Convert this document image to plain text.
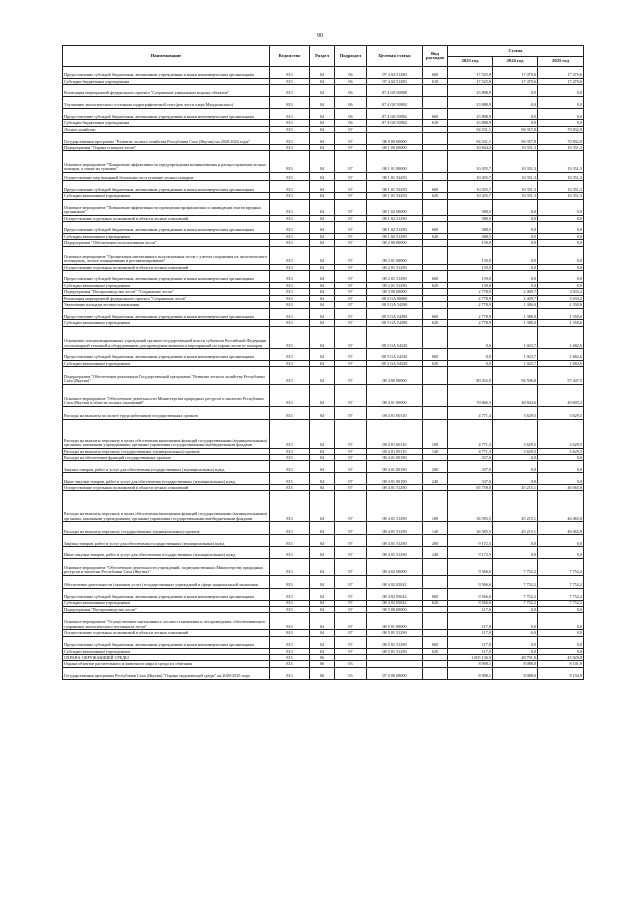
90
Наименование	Ведомство	Раздел	Подраздел	Целевая статья	Вид расходов	Сумма		
						2023 год	2024 год	2025 год
Предоставление субсидий бюджетным, автономным учреждениям и иным некоммерческим организациям	813	04	06	07 4 04 51280	600	17 525,8	17 479,6	17 479,6
Субсидии бюджетным учреждениям	813	04	06	07 4 04 51280	610	17 525,8	17 479,6	17 479,6
Реализация мероприятий федерального проекта "Сохранение уникальных водных объектов"	813	04	06	07 4 G8 00000		23 888,9	0,0	0,0
Улучшение экологического состояния гидрографической сети (рек части озера Мундоонского)	813	04	06	07 4 G8 50902		23 888,9	0,0	0,0
Предоставление субсидий бюджетным, автономным учреждениям и иным некоммерческим организациям	813	04	06	07 4 G8 50902	600	23 888,9	0,0	0,0
Субсидии бюджетным учреждениям	813	04	06	07 4 G8 50902	610	23 888,9	0,0	0,0
Лесное хозяйство	813	04	07			94 531,1	69 357,8	70 832,0
Государственная программа "Развитие лесного хозяйства Республики Саха (Якутия) на 2020-2024 годы"	813	04	07	08 0 00 00000		94 531,1	69 357,8	70 832,0
Подпрограмма "Охрана и защита лесов"	813	04	07	08 1 00 00000		10 844,2	10 351,3	10 351,3
Основное мероприятие "Повышение эффективности предупреждения возникновения и распространения лесных пожаров, а также их тушение"	813	04	07	08 1 01 00000		10 455,7	10 351,3	10 351,3
Осуществление мер пожарной безопасности и тушение лесных пожаров	813	04	07	08 1 01 53450		10 455,7	10 351,3	10 351,3
Предоставление субсидий бюджетным, автономным учреждениям и иным некоммерческим организациям	813	04	07	08 1 01 53450	600	10 455,7	10 351,3	10 351,3
Субсидии автономным учреждениям	813	04	07	08 1 01 53450	620	10 455,7	10 351,3	10 351,3
Основное мероприятие "Повышение эффективности проведения профилактики и ликвидации очагов вредных организмов"	813	04	07	08 1 02 00000		388,5	0,0	0,0
Осуществление отдельных полномочий в области лесных отношений	813	04	07	08 1 02 51290		388,5	0,0	0,0
Предоставление субсидий бюджетным, автономным учреждениям и иным некоммерческим организациям	813	04	07	08 1 02 51290	600	388,5	0,0	0,0
Субсидии автономным учреждениям	813	04	07	08 1 02 51290	620	388,5	0,0	0,0
Подпрограмма "Обеспечение использования лесов"	813	04	07	08 2 00 00000		139,0	0,0	0,0
Основное мероприятие "Организация интенсивного использования лесов с учетом сохранения их экологического потенциала, лесное планирование и регламентирование"	813	04	07	08 2 01 00000		139,0	0,0	0,0
Осуществление отдельных полномочий в области лесных отношений	813	04	07	08 2 01 51290		139,0	0,0	0,0
Предоставление субсидий бюджетным, автономным учреждениям и иным некоммерческим организациям	813	04	07	08 2 01 51290	600	139,0	0,0	0,0
Субсидии автономным учреждениям	813	04	07	08 2 01 51290	620	139,0	0,0	0,0
Подпрограмма "Воспроизводство лесов" "Сохранение лесов"	813	04	07	08 3 00 00000		2 778,9	2 409,7	3 033,2
Реализация мероприятий федерального проекта "Сохранение лесов"	813	04	07	08 3 GA 00000		2 778,9	2 409,7	3 033,2
Увеличение площади лесовосстановления	813	04	07	08 3 GA 54290		2 778,9	1 386,0	1 350,6
Предоставление субсидий бюджетным, автономным учреждениям и иным некоммерческим организациям	813	04	07	08 3 GA 54290	600	2 778,9	1 386,0	1 350,6
Субсидии автономным учреждениям	813	04	07	08 3 GA 54290	620	2 778,9	1 386,0	1 350,6
Оснащение специализированных учреждений органов государственной власти субъектов Российской Федерации лесопожарной техникой и оборудованием для проведения комплекса мероприятий по охране лесов от пожаров	813	04	07	08 3 GA 54320		0,0	1 023,7	1 682,6
Предоставление субсидий бюджетным, автономным учреждениям и иным некоммерческим организациям	813	04	07	08 3 GA 54320	600	0,0	1 023,7	1 682,6
Субсидии автономным учреждениям	813	04	07	08 3 GA 54320	620	0,0	1 023,7	1 682,6
Подпрограмма "Обеспечение реализации Государственной программы "Развитие лесного хозяйства Республики Саха (Якутия)"	813	04	07	08 4 00 00000		80 432,0	56 596,8	57 447,5
Основное мероприятие "Обеспечение деятельности Министерства природных ресурсов и экологии Республики Саха (Якутия) в области лесных отношений"	813	04	07	08 4 01 00000		70 866,3	48 844,6	49 695,3
Расходы на выплаты по оплате труда работников государственных органов	813	04	07	08 4 01 00110		4 771,3	3 629,5	3 629,5
Расходы на выплаты персоналу в целях обеспечения выполнения функций государственными (муниципальными) органами, казенными учреждениями, органами управления государственными внебюджетными фондами	813	04	07	08 4 01 00110	100	4 771,3	3 629,5	3 629,5
Расходы на выплаты персоналу государственных (муниципальных) органов	813	04	07	08 4 01 00110	120	4 771,3	3 629,5	3 629,5
Расходы на обеспечение функций государственных органов	813	04	07	08 4 01 00190		337,0	0,0	0,0
Закупка товаров, работ и услуг для обеспечения государственных (муниципальных) нужд	813	04	07	08 4 01 00190	200	337,0	0,0	0,0
Иные закупки товаров, работ и услуг для обеспечения государственных (муниципальных) нужд	813	04	07	08 4 01 00190	240	337,0	0,0	0,0
Осуществление отдельных полномочий в области лесных отношений	813	04	07	08 4 01 51290		65 758,0	45 215,1	46 065,8
Расходы на выплаты персоналу в целях обеспечения выполнения функций государственными (муниципальными) органами, казенными учреждениями, органами управления государственными внебюджетными фондами	813	04	07	08 4 01 51290	100	36 585,5	45 215,1	46 065,8
Расходы на выплаты персоналу государственных (муниципальных) органов	813	04	07	08 4 01 51290	120	36 585,5	45 215,1	46 065,8
Закупка товаров, работ и услуг для обеспечения государственных (муниципальных) нужд	813	04	07	08 4 01 51290	200	9 172,5	0,0	0,0
Иные закупки товаров, работ и услуг для обеспечения государственных (муниципальных) нужд	813	04	07	08 4 01 51290	240	9 172,5	0,0	0,0
Основное мероприятие "Обеспечение деятельности учреждений, подведомственных Министерству природных ресурсов и экологии Республики Саха (Якутия)"	813	04	07	08 4 02 00000		9 566,6	7 752,2	7 752,2
Обеспечение деятельности (оказание услуг) государственных учреждений в сфере национальной экономики	813	04	07	08 4 02 05042		9 566,6	7 752,2	7 752,2
Предоставление субсидий бюджетным, автономным учреждениям и иным некоммерческим организациям	813	04	07	08 4 02 05042	600	9 566,6	7 752,2	7 752,2
Субсидии автономным учреждениям	813	04	07	08 4 02 05042	620	9 566,6	7 752,2	7 752,2
Подпрограмма "Воспроизводство лесов"	813	04	07	08 5 00 00000		117,0	0,0	0,0
Основное мероприятие "Осуществление интенсивного лесовосстановления и лесоразведения, обеспечивающего сохранение экологического потенциала лесов"	813	04	07	08 5 01 00000		117,0	0,0	0,0
Осуществление отдельных полномочий в области лесных отношений	813	04	07	08 5 01 51290		117,0	0,0	0,0
Предоставление субсидий бюджетным, автономным учреждениям и иным некоммерческим организациям	813	04	07	08 5 01 51290	600	117,0	0,0	0,0
Субсидии автономным учреждениям	813	04	07	08 5 01 51290	620	117,0	0,0	0,0
ОХРАНА ОКРУЖАЮЩЕЙ СРЕДЫ	813	06				1 005 136,0	48 791,0	45 029,8
Охрана объектов растительного и животного мира и среды их обитания	813	06	03			8 908,1	8 088,0	8 101,9
Государственная программа Республики Саха (Якутия) "Охрана окружающей среды" на 2020-2025 годы	813	06	03	07 0 00 00000		8 908,1	8 088,0	8 104,9
